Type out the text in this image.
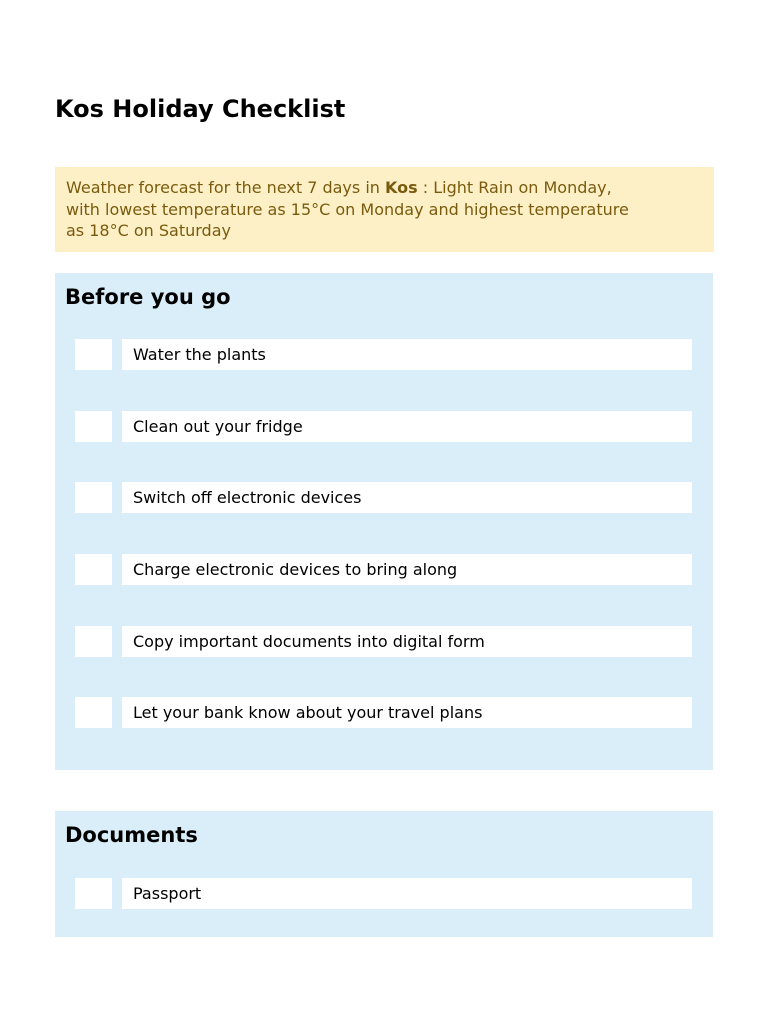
Kos Holiday Checklist
Weather forecast for the next 7 days in Kos : Light Rain on Monday,
with lowest temperature as 15°C on Monday and highest temperature
as 18°C on Saturday
Before you go
Water the plants
Clean out your fridge
Switch off electronic devices
Charge electronic devices to bring along
Copy important documents into digital form
Let your bank know about your travel plans
Documents
Passport
